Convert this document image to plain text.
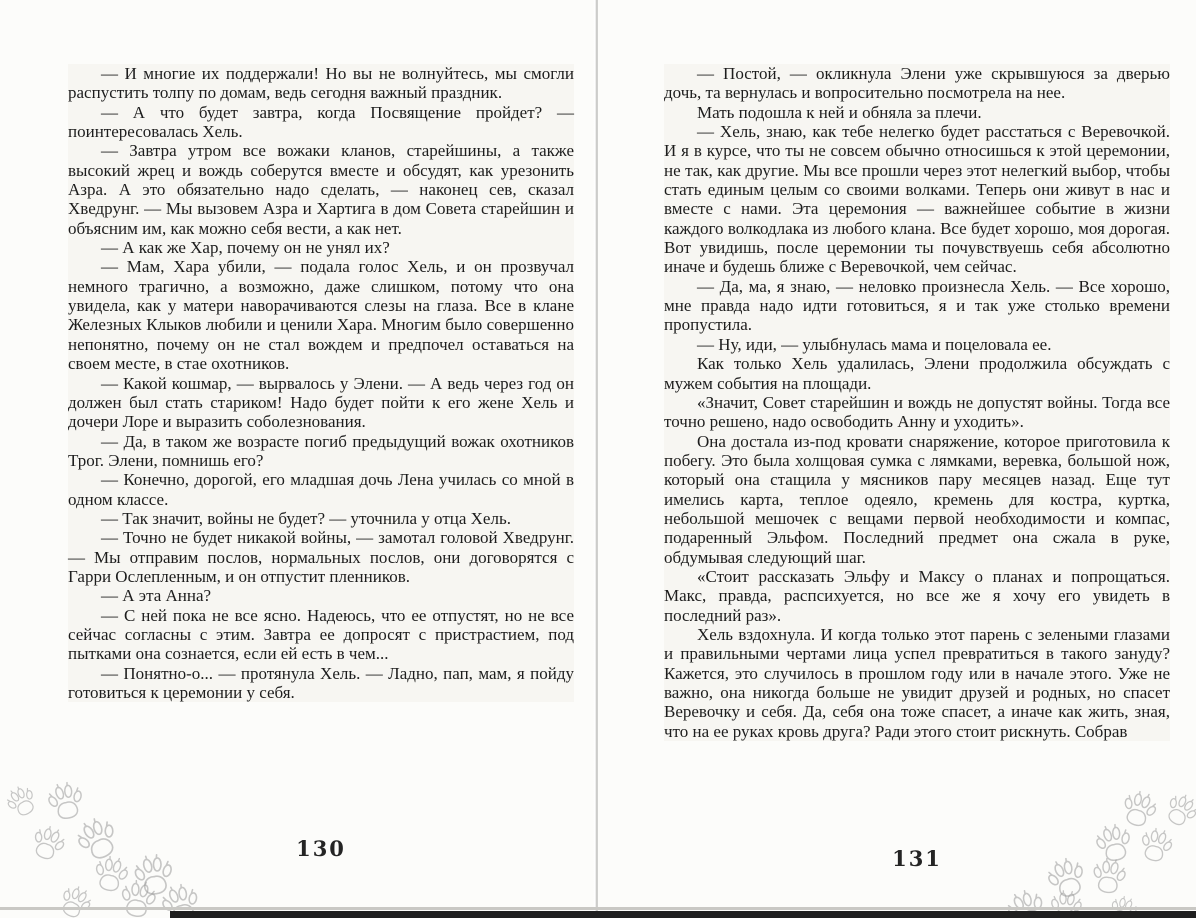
— И многие их поддержали! Но вы не волнуйтесь, мы смогли распустить толпу по домам, ведь сегодня важный праздник.

— А что будет завтра, когда Посвящение пройдет? — поинтересовалась Хель.

— Завтра утром все вожаки кланов, старейшины, а также высокий жрец и вождь соберутся вместе и обсудят, как урезонить Азра. А это обязательно надо сделать, — наконец сев, сказал Хведрунг. — Мы вызовем Азра и Хартига в дом Совета старейшин и объясним им, как можно себя вести, а как нет.

— А как же Хар, почему он не унял их?

— Мам, Хара убили, — подала голос Хель, и он прозвучал немного трагично, а возможно, даже слишком, потому что она увидела, как у матери наворачиваются слезы на глаза. Все в клане Железных Клыков любили и ценили Хара. Многим было совершенно непонятно, почему он не стал вождем и предпочел оставаться на своем месте, в стае охотников.

— Какой кошмар, — вырвалось у Элени. — А ведь через год он должен был стать стариком! Надо будет пойти к его жене Хель и дочери Лоре и выразить соболезнования.

— Да, в таком же возрасте погиб предыдущий вожак охотников Трог. Элени, помнишь его?

— Конечно, дорогой, его младшая дочь Лена училась со мной в одном классе.

— Так значит, войны не будет? — уточнила у отца Хель.

— Точно не будет никакой войны, — замотал головой Хведрунг. — Мы отправим послов, нормальных послов, они договорятся с Гарри Ослепленным, и он отпустит пленников.

— А эта Анна?

— С ней пока не все ясно. Надеюсь, что ее отпустят, но не все сейчас согласны с этим. Завтра ее допросят с пристрастием, под пытками она сознается, если ей есть в чем...

— Понятно-о... — протянула Хель. — Ладно, пап, мам, я пойду готовиться к церемонии у себя.

130

— Постой, — окликнула Элени уже скрывшуюся за дверью дочь, та вернулась и вопросительно посмотрела на нее.

Мать подошла к ней и обняла за плечи.

— Хель, знаю, как тебе нелегко будет расстаться с Веревочкой. И я в курсе, что ты не совсем обычно относишься к этой церемонии, не так, как другие. Мы все прошли через этот нелегкий выбор, чтобы стать единым целым со своими волками. Теперь они живут в нас и вместе с нами. Эта церемония — важнейшее событие в жизни каждого волкодлака из любого клана. Все будет хорошо, моя дорогая. Вот увидишь, после церемонии ты почувствуешь себя абсолютно иначе и будешь ближе с Веревочкой, чем сейчас.

— Да, ма, я знаю, — неловко произнесла Хель. — Все хорошо, мне правда надо идти готовиться, я и так уже столько времени пропустила.

— Ну, иди, — улыбнулась мама и поцеловала ее.

Как только Хель удалилась, Элени продолжила обсуждать с мужем события на площади.

«Значит, Совет старейшин и вождь не допустят войны. Тогда все точно решено, надо освободить Анну и уходить».

Она достала из-под кровати снаряжение, которое приготовила к побегу. Это была холщовая сумка с лямками, веревка, большой нож, который она стащила у мясников пару месяцев назад. Еще тут имелись карта, теплое одеяло, кремень для костра, куртка, небольшой мешочек с вещами первой необходимости и компас, подаренный Эльфом. Последний предмет она сжала в руке, обдумывая следующий шаг.

«Стоит рассказать Эльфу и Максу о планах и попрощаться. Макс, правда, распсихуется, но все же я хочу его увидеть в последний раз».

Хель вздохнула. И когда только этот парень с зелеными глазами и правильными чертами лица успел превратиться в такого зануду? Кажется, это случилось в прошлом году или в начале этого. Уже не важно, она никогда больше не увидит друзей и родных, но спасет Веревочку и себя. Да, себя она тоже спасет, а иначе как жить, зная, что на ее руках кровь друга? Ради этого стоит рискнуть. Собрав

131
